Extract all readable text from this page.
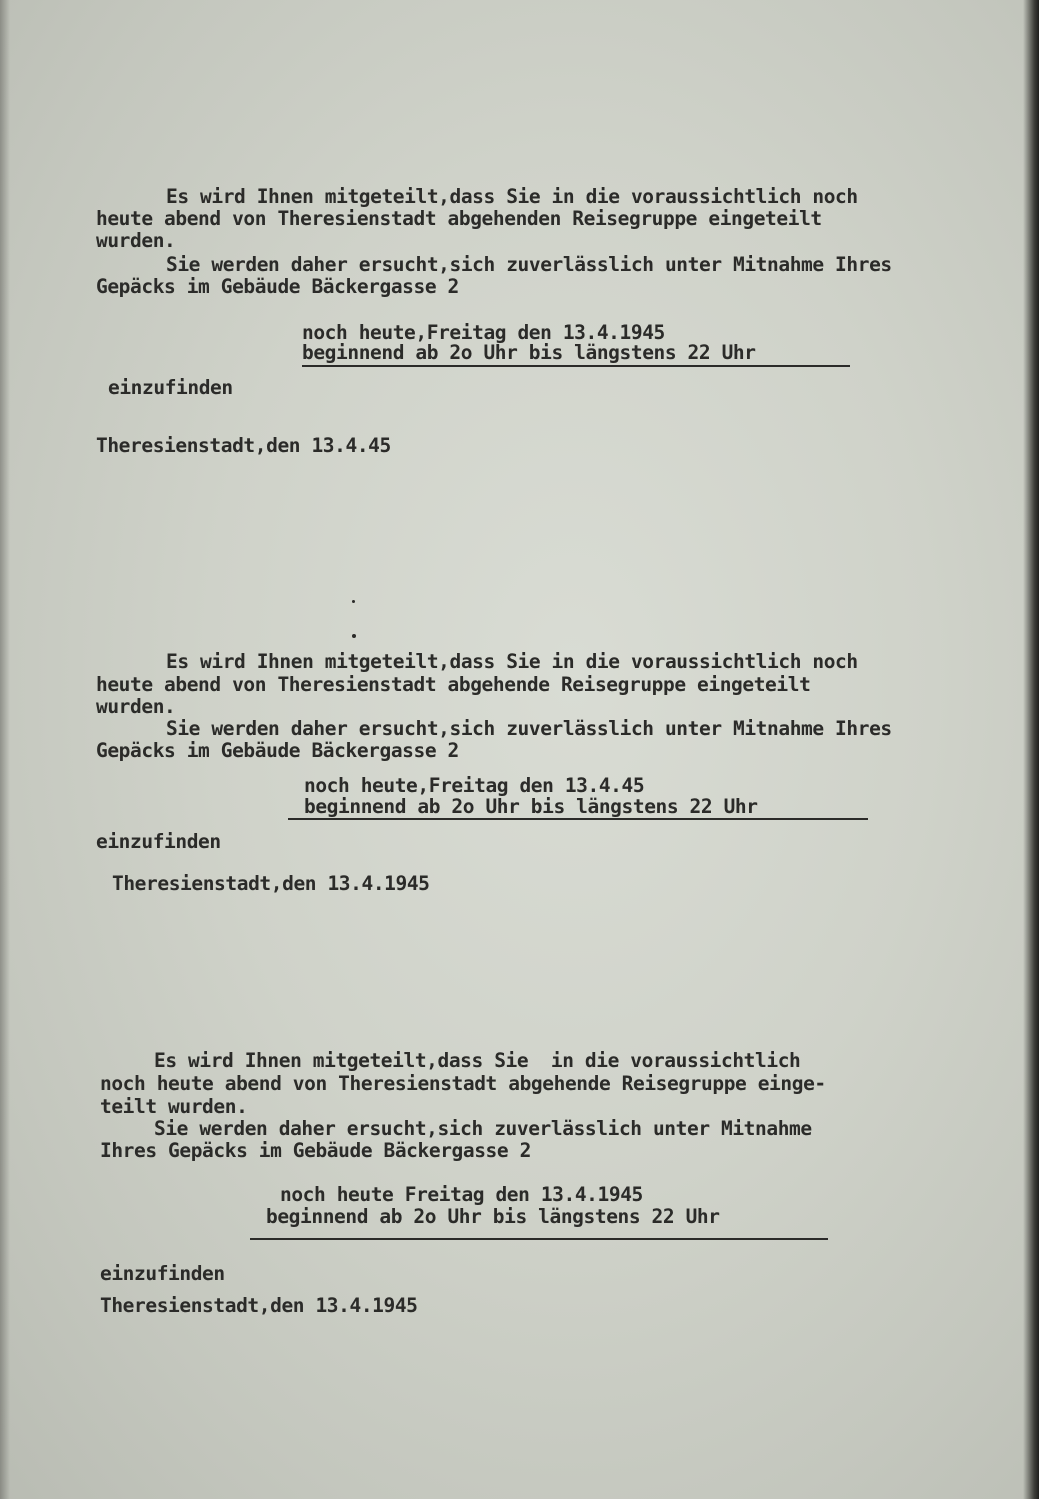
Es wird Ihnen mitgeteilt,dass Sie in die voraussichtlich noch

heute abend von Theresienstadt abgehenden Reisegruppe eingeteilt

wurden.

Sie werden daher ersucht,sich zuverlässlich unter Mitnahme Ihres

Gepäcks im Gebäude Bäckergasse 2

noch heute,Freitag den 13.4.1945

beginnend ab 2o Uhr bis längstens 22 Uhr

einzufinden

Theresienstadt,den 13.4.45

Es wird Ihnen mitgeteilt,dass Sie in die voraussichtlich noch

heute abend von Theresienstadt abgehende Reisegruppe eingeteilt

wurden.

Sie werden daher ersucht,sich zuverlässlich unter Mitnahme Ihres

Gepäcks im Gebäude Bäckergasse 2

noch heute,Freitag den 13.4.45

beginnend ab 2o Uhr bis längstens 22 Uhr

einzufinden

Theresienstadt,den 13.4.1945

Es wird Ihnen mitgeteilt,dass Sie  in die voraussichtlich

noch heute abend von Theresienstadt abgehende Reisegruppe einge-

teilt wurden.

Sie werden daher ersucht,sich zuverlässlich unter Mitnahme

Ihres Gepäcks im Gebäude Bäckergasse 2

noch heute Freitag den 13.4.1945

beginnend ab 2o Uhr bis längstens 22 Uhr

einzufinden

Theresienstadt,den 13.4.1945
